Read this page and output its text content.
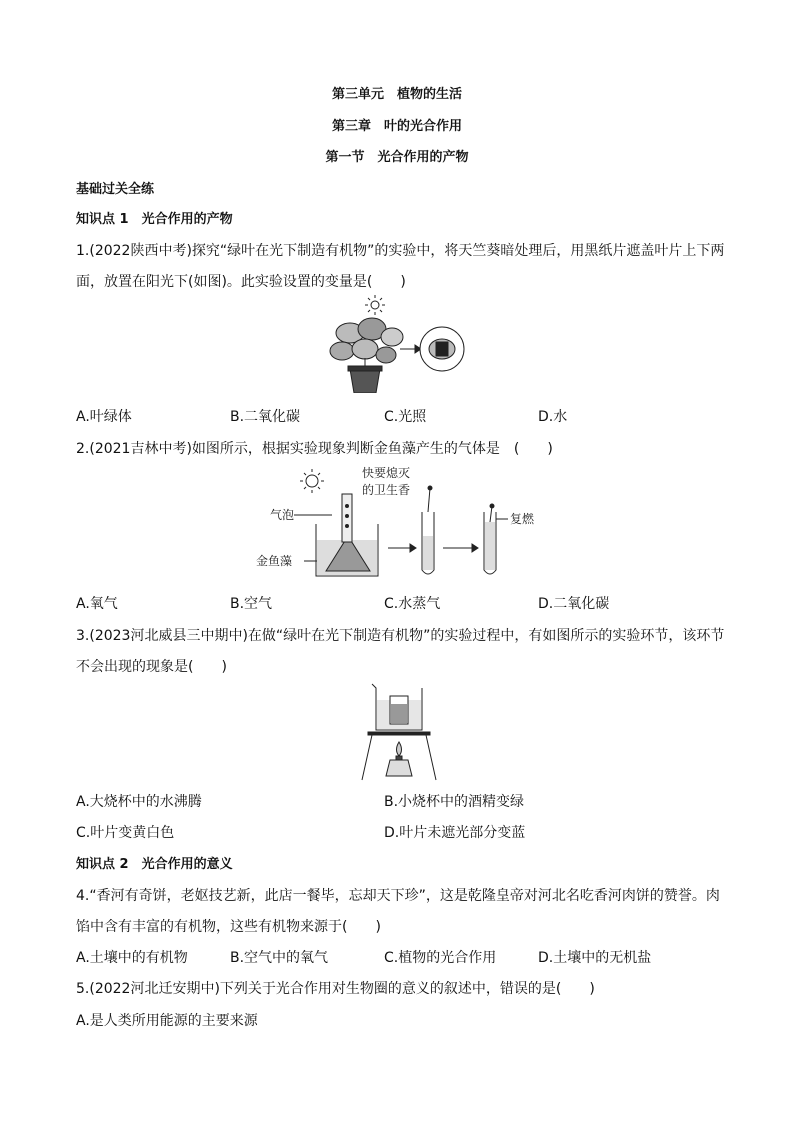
第三单元　植物的生活
第三章　叶的光合作用
第一节　光合作用的产物
基础过关全练
知识点 1　光合作用的产物
1.(2022陕西中考)探究“绿叶在光下制造有机物”的实验中，将天竺葵暗处理后，用黑纸片遮盖叶片上下两
面，放置在阳光下(如图)。此实验设置的变量是(　　)
A.叶绿体	B.二氧化碳	C.光照	D.水
2.(2021吉林中考)如图所示，根据实验现象判断金鱼藻产生的气体是　(　　)
气泡
金鱼藻
快要熄灭
的卫生香
复燃
A.氧气	B.空气	C.水蒸气	D.二氧化碳
3.(2023河北威县三中期中)在做“绿叶在光下制造有机物”的实验过程中，有如图所示的实验环节，该环节
不会出现的现象是(　　)
A.大烧杯中的水沸腾	B.小烧杯中的酒精变绿
C.叶片变黄白色	D.叶片未遮光部分变蓝
知识点 2　光合作用的意义
4.“香河有奇饼，老妪技艺新，此店一餐毕，忘却天下珍”，这是乾隆皇帝对河北名吃香河肉饼的赞誉。肉
馅中含有丰富的有机物，这些有机物来源于(　　)
A.土壤中的有机物	B.空气中的氧气	C.植物的光合作用	D.土壤中的无机盐
5.(2022河北迁安期中)下列关于光合作用对生物圈的意义的叙述中，错误的是(　　)
A.是人类所用能源的主要来源
